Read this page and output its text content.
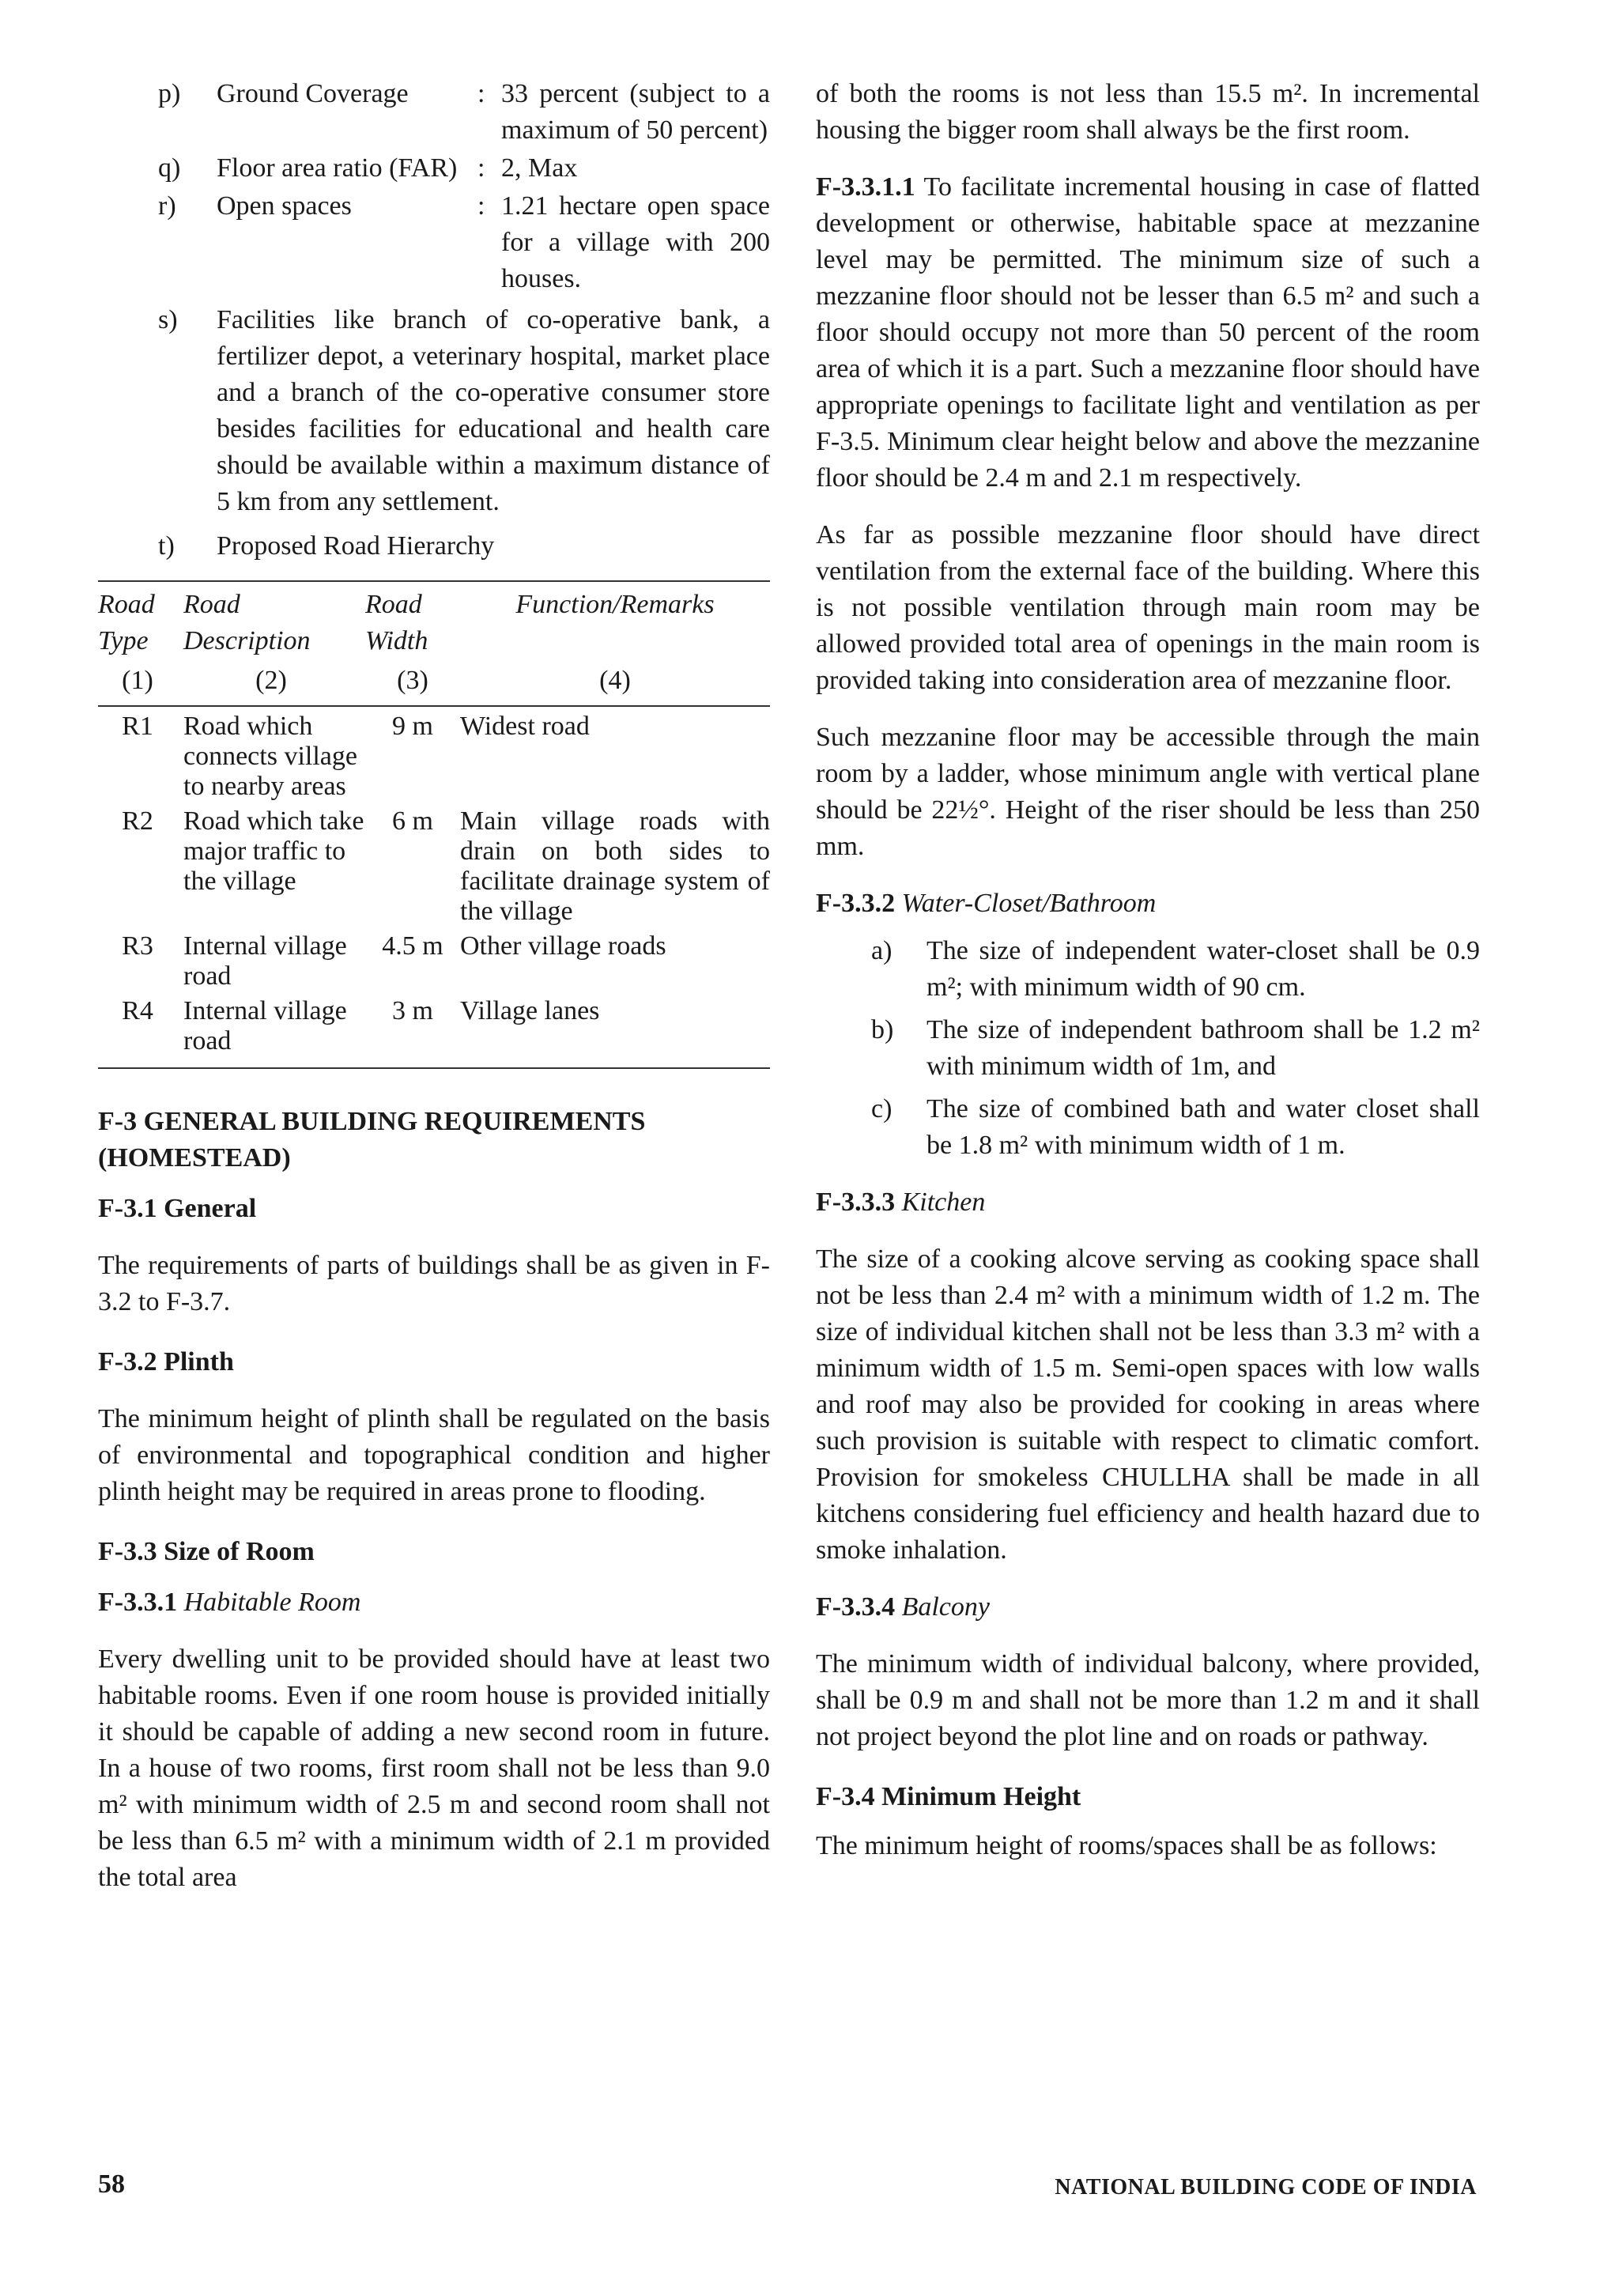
p)	Ground Coverage	: 33 percent (subject to a maximum of 50 percent)
q)	Floor area ratio (FAR) : 2, Max
r)	Open spaces	: 1.21 hectare open space for a village with 200 houses.
s)	Facilities like branch of co-operative bank, a fertilizer depot, a veterinary hospital, market place and a branch of the co-operative consumer store besides facilities for educational and health care should be available within a maximum distance of 5 km from any settlement.
t)	Proposed Road Hierarchy
Road Type	Road Description	Road Width	Function/Remarks
(1)	(2)	(3)	(4)
R1	Road which connects village to nearby areas	9 m	Widest road
R2	Road which take major traffic to the village	6 m	Main village roads with drain on both sides to facilitate drainage system of the village
R3	Internal village road	4.5 m	Other village roads
R4	Internal village road	3 m	Village lanes

F-3 GENERAL BUILDING REQUIREMENTS (HOMESTEAD)

F-3.1 General

The requirements of parts of buildings shall be as given in F-3.2 to F-3.7.

F-3.2 Plinth

The minimum height of plinth shall be regulated on the basis of environmental and topographical condition and higher plinth height may be required in areas prone to flooding.

F-3.3 Size of Room

F-3.3.1 Habitable Room

Every dwelling unit to be provided should have at least two habitable rooms. Even if one room house is provided initially it should be capable of adding a new second room in future. In a house of two rooms, first room shall not be less than 9.0 m² with minimum width of 2.5 m and second room shall not be less than 6.5 m² with a minimum width of 2.1 m provided the total area

of both the rooms is not less than 15.5 m². In incremental housing the bigger room shall always be the first room.

F-3.3.1.1 To facilitate incremental housing in case of flatted development or otherwise, habitable space at mezzanine level may be permitted. The minimum size of such a mezzanine floor should not be lesser than 6.5 m² and such a floor should occupy not more than 50 percent of the room area of which it is a part. Such a mezzanine floor should have appropriate openings to facilitate light and ventilation as per F-3.5. Minimum clear height below and above the mezzanine floor should be 2.4 m and 2.1 m respectively.

As far as possible mezzanine floor should have direct ventilation from the external face of the building. Where this is not possible ventilation through main room may be allowed provided total area of openings in the main room is provided taking into consideration area of mezzanine floor.

Such mezzanine floor may be accessible through the main room by a ladder, whose minimum angle with vertical plane should be 22½°. Height of the riser should be less than 250 mm.

F-3.3.2 Water-Closet/Bathroom

a)	The size of independent water-closet shall be 0.9 m²; with minimum width of 90 cm.
b)	The size of independent bathroom shall be 1.2 m² with minimum width of 1m, and
c)	The size of combined bath and water closet shall be 1.8 m² with minimum width of 1 m.

F-3.3.3 Kitchen

The size of a cooking alcove serving as cooking space shall not be less than 2.4 m² with a minimum width of 1.2 m. The size of individual kitchen shall not be less than 3.3 m² with a minimum width of 1.5 m. Semi-open spaces with low walls and roof may also be provided for cooking in areas where such provision is suitable with respect to climatic comfort. Provision for smokeless CHULLHA shall be made in all kitchens considering fuel efficiency and health hazard due to smoke inhalation.

F-3.3.4 Balcony

The minimum width of individual balcony, where provided, shall be 0.9 m and shall not be more than 1.2 m and it shall not project beyond the plot line and on roads or pathway.

F-3.4 Minimum Height

The minimum height of rooms/spaces shall be as follows:

58	NATIONAL BUILDING CODE OF INDIA
